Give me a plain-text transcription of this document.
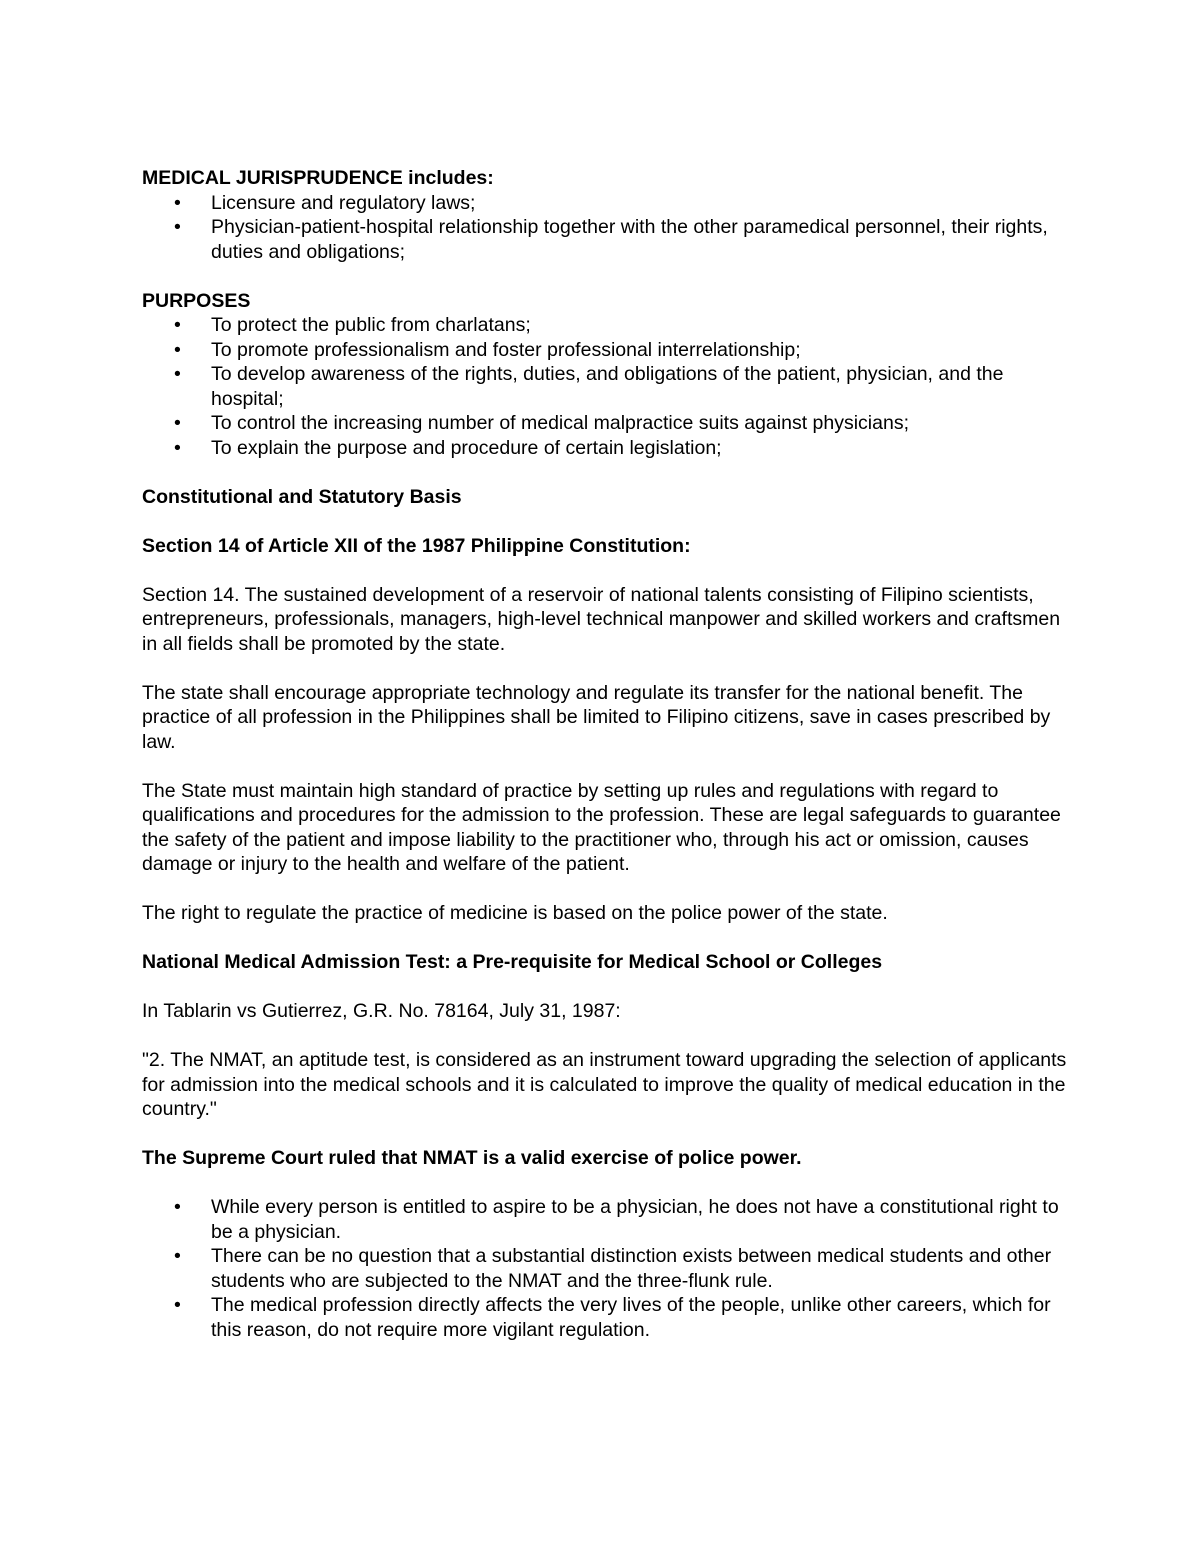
MEDICAL JURISPRUDENCE includes:

• Licensure and regulatory laws;
• Physician-patient-hospital relationship together with the other paramedical personnel, their rights, duties and obligations;

PURPOSES

• To protect the public from charlatans;
• To promote professionalism and foster professional interrelationship;
• To develop awareness of the rights, duties, and obligations of the patient, physician, and the hospital;
• To control the increasing number of medical malpractice suits against physicians;
• To explain the purpose and procedure of certain legislation;

Constitutional and Statutory Basis

Section 14 of Article XII of the 1987 Philippine Constitution:

Section 14. The sustained development of a reservoir of national talents consisting of Filipino scientists, entrepreneurs, professionals, managers, high-level technical manpower and skilled workers and craftsmen in all fields shall be promoted by the state.

The state shall encourage appropriate technology and regulate its transfer for the national benefit. The practice of all profession in the Philippines shall be limited to Filipino citizens, save in cases prescribed by law.

The State must maintain high standard of practice by setting up rules and regulations with regard to qualifications and procedures for the admission to the profession. These are legal safeguards to guarantee the safety of the patient and impose liability to the practitioner who, through his act or omission, causes damage or injury to the health and welfare of the patient.

The right to regulate the practice of medicine is based on the police power of the state.

National Medical Admission Test: a Pre-requisite for Medical School or Colleges

In Tablarin vs Gutierrez, G.R. No. 78164, July 31, 1987:

"2. The NMAT, an aptitude test, is considered as an instrument toward upgrading the selection of applicants for admission into the medical schools and it is calculated to improve the quality of medical education in the country."

The Supreme Court ruled that NMAT is a valid exercise of police power.

• While every person is entitled to aspire to be a physician, he does not have a constitutional right to be a physician.
• There can be no question that a substantial distinction exists between medical students and other students who are subjected to the NMAT and the three-flunk rule.
• The medical profession directly affects the very lives of the people, unlike other careers, which for this reason, do not require more vigilant regulation.
